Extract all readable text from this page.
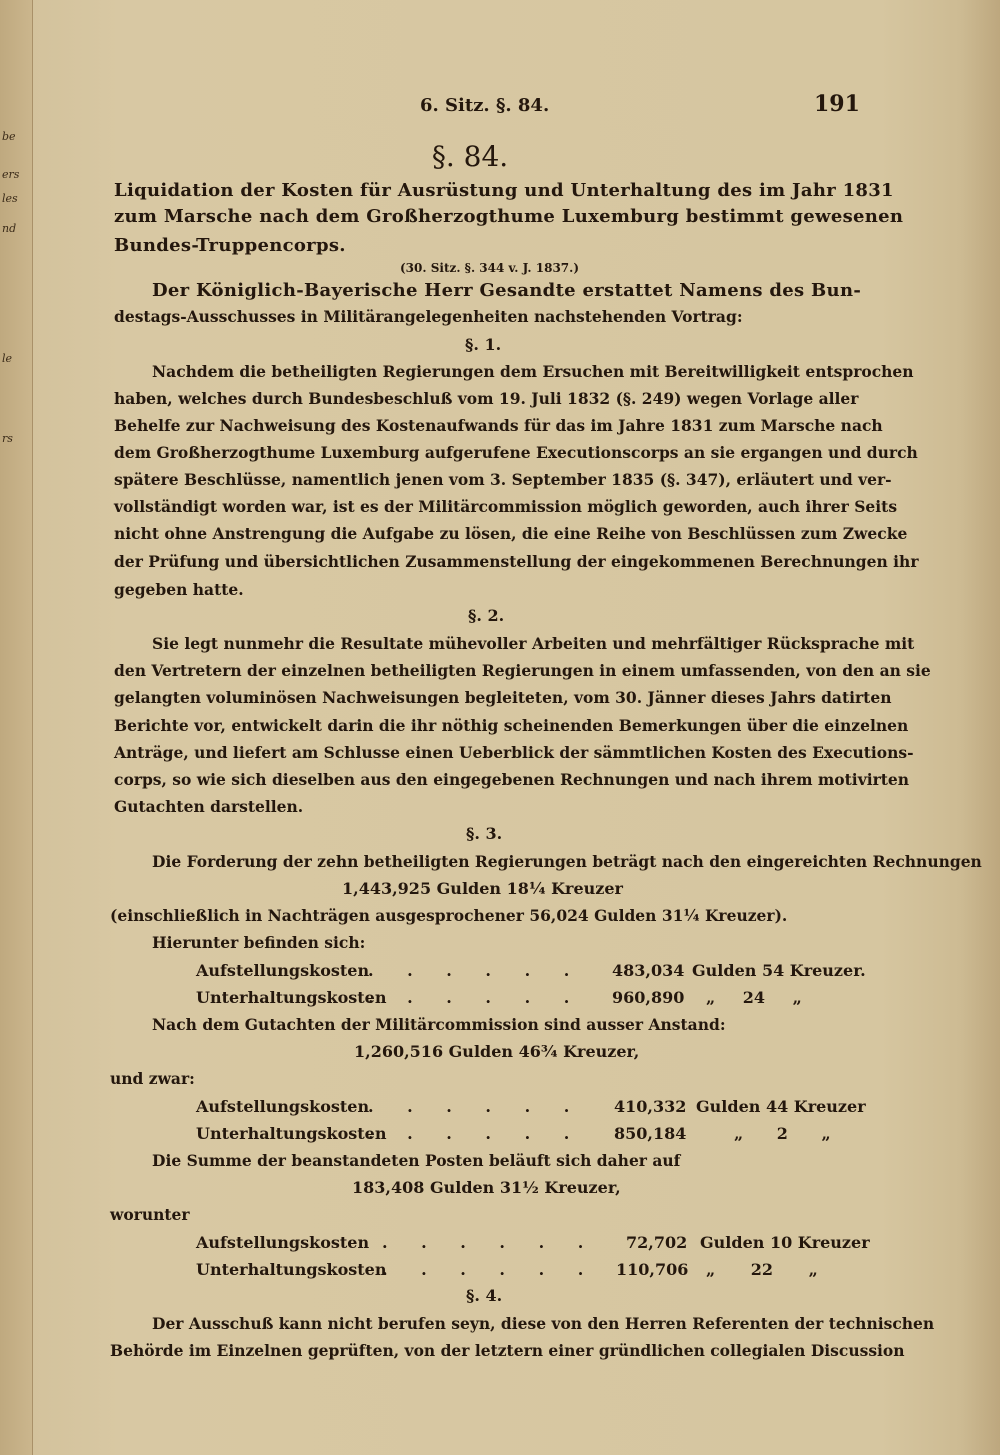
be
ers
les
nd
le
rs
6. Sitz. §. 84.	191
§. 84.
Liquidation der Kosten für Ausrüstung und Unterhaltung des im Jahr 1831
zum Marsche nach dem Großherzogthume Luxemburg bestimmt gewesenen
Bundes-Truppencorps.
(30. Sitz. §. 344 v. J. 1837.)
Der Königlich-Bayerische Herr Gesandte erstattet Namens des Bun-
destags-Ausschusses in Militärangelegenheiten nachstehenden Vortrag:
§. 1.
Nachdem die betheiligten Regierungen dem Ersuchen mit Bereitwilligkeit entsprochen
haben, welches durch Bundesbeschluß vom 19. Juli 1832 (§. 249) wegen Vorlage aller
Behelfe zur Nachweisung des Kostenaufwands für das im Jahre 1831 zum Marsche nach
dem Großherzogthume Luxemburg aufgerufene Executionscorps an sie ergangen und durch
spätere Beschlüsse, namentlich jenen vom 3. September 1835 (§. 347), erläutert und ver-
vollständigt worden war, ist es der Militärcommission möglich geworden, auch ihrer Seits
nicht ohne Anstrengung die Aufgabe zu lösen, die eine Reihe von Beschlüssen zum Zwecke
der Prüfung und übersichtlichen Zusammenstellung der eingekommenen Berechnungen ihr
gegeben hatte.
§. 2.
Sie legt nunmehr die Resultate mühevoller Arbeiten und mehrfältiger Rücksprache mit
den Vertretern der einzelnen betheiligten Regierungen in einem umfassenden, von den an sie
gelangten voluminösen Nachweisungen begleiteten, vom 30. Jänner dieses Jahrs datirten
Berichte vor, entwickelt darin die ihr nöthig scheinenden Bemerkungen über die einzelnen
Anträge, und liefert am Schlusse einen Ueberblick der sämmtlichen Kosten des Executions-
corps, so wie sich dieselben aus den eingegebenen Rechnungen und nach ihrem motivirten
Gutachten darstellen.
§. 3.
Die Forderung der zehn betheiligten Regierungen beträgt nach den eingereichten Rechnungen
1,443,925 Gulden 18¼ Kreuzer
(einschließlich in Nachträgen ausgesprochener 56,024 Gulden 31¼ Kreuzer).
Hierunter befinden sich:
Aufstellungskosten
. . . . . . 483,034 Gulden 54 Kreuzer.
Unterhaltungskosten
. . . . . . 960,890 „ 24 „
Nach dem Gutachten der Militärcommission sind ausser Anstand:
1,260,516 Gulden 46¾ Kreuzer,
und zwar:
Aufstellungskosten
. . . . . . 410,332 Gulden 44 Kreuzer
Unterhaltungskosten
. . . . . . 850,184	„ 2 „
Die Summe der beanstandeten Posten beläuft sich daher auf
183,408 Gulden 31½ Kreuzer,
worunter
Aufstellungskosten . . . . . . 72,702 Gulden 10 Kreuzer
Unterhaltungskosten
. . . . . . 110,706 „ 22 „
§. 4.
Der Ausschuß kann nicht berufen seyn, diese von den Herren Referenten der technischen
Behörde im Einzelnen geprüften, von der letztern einer gründlichen collegialen Discussion
